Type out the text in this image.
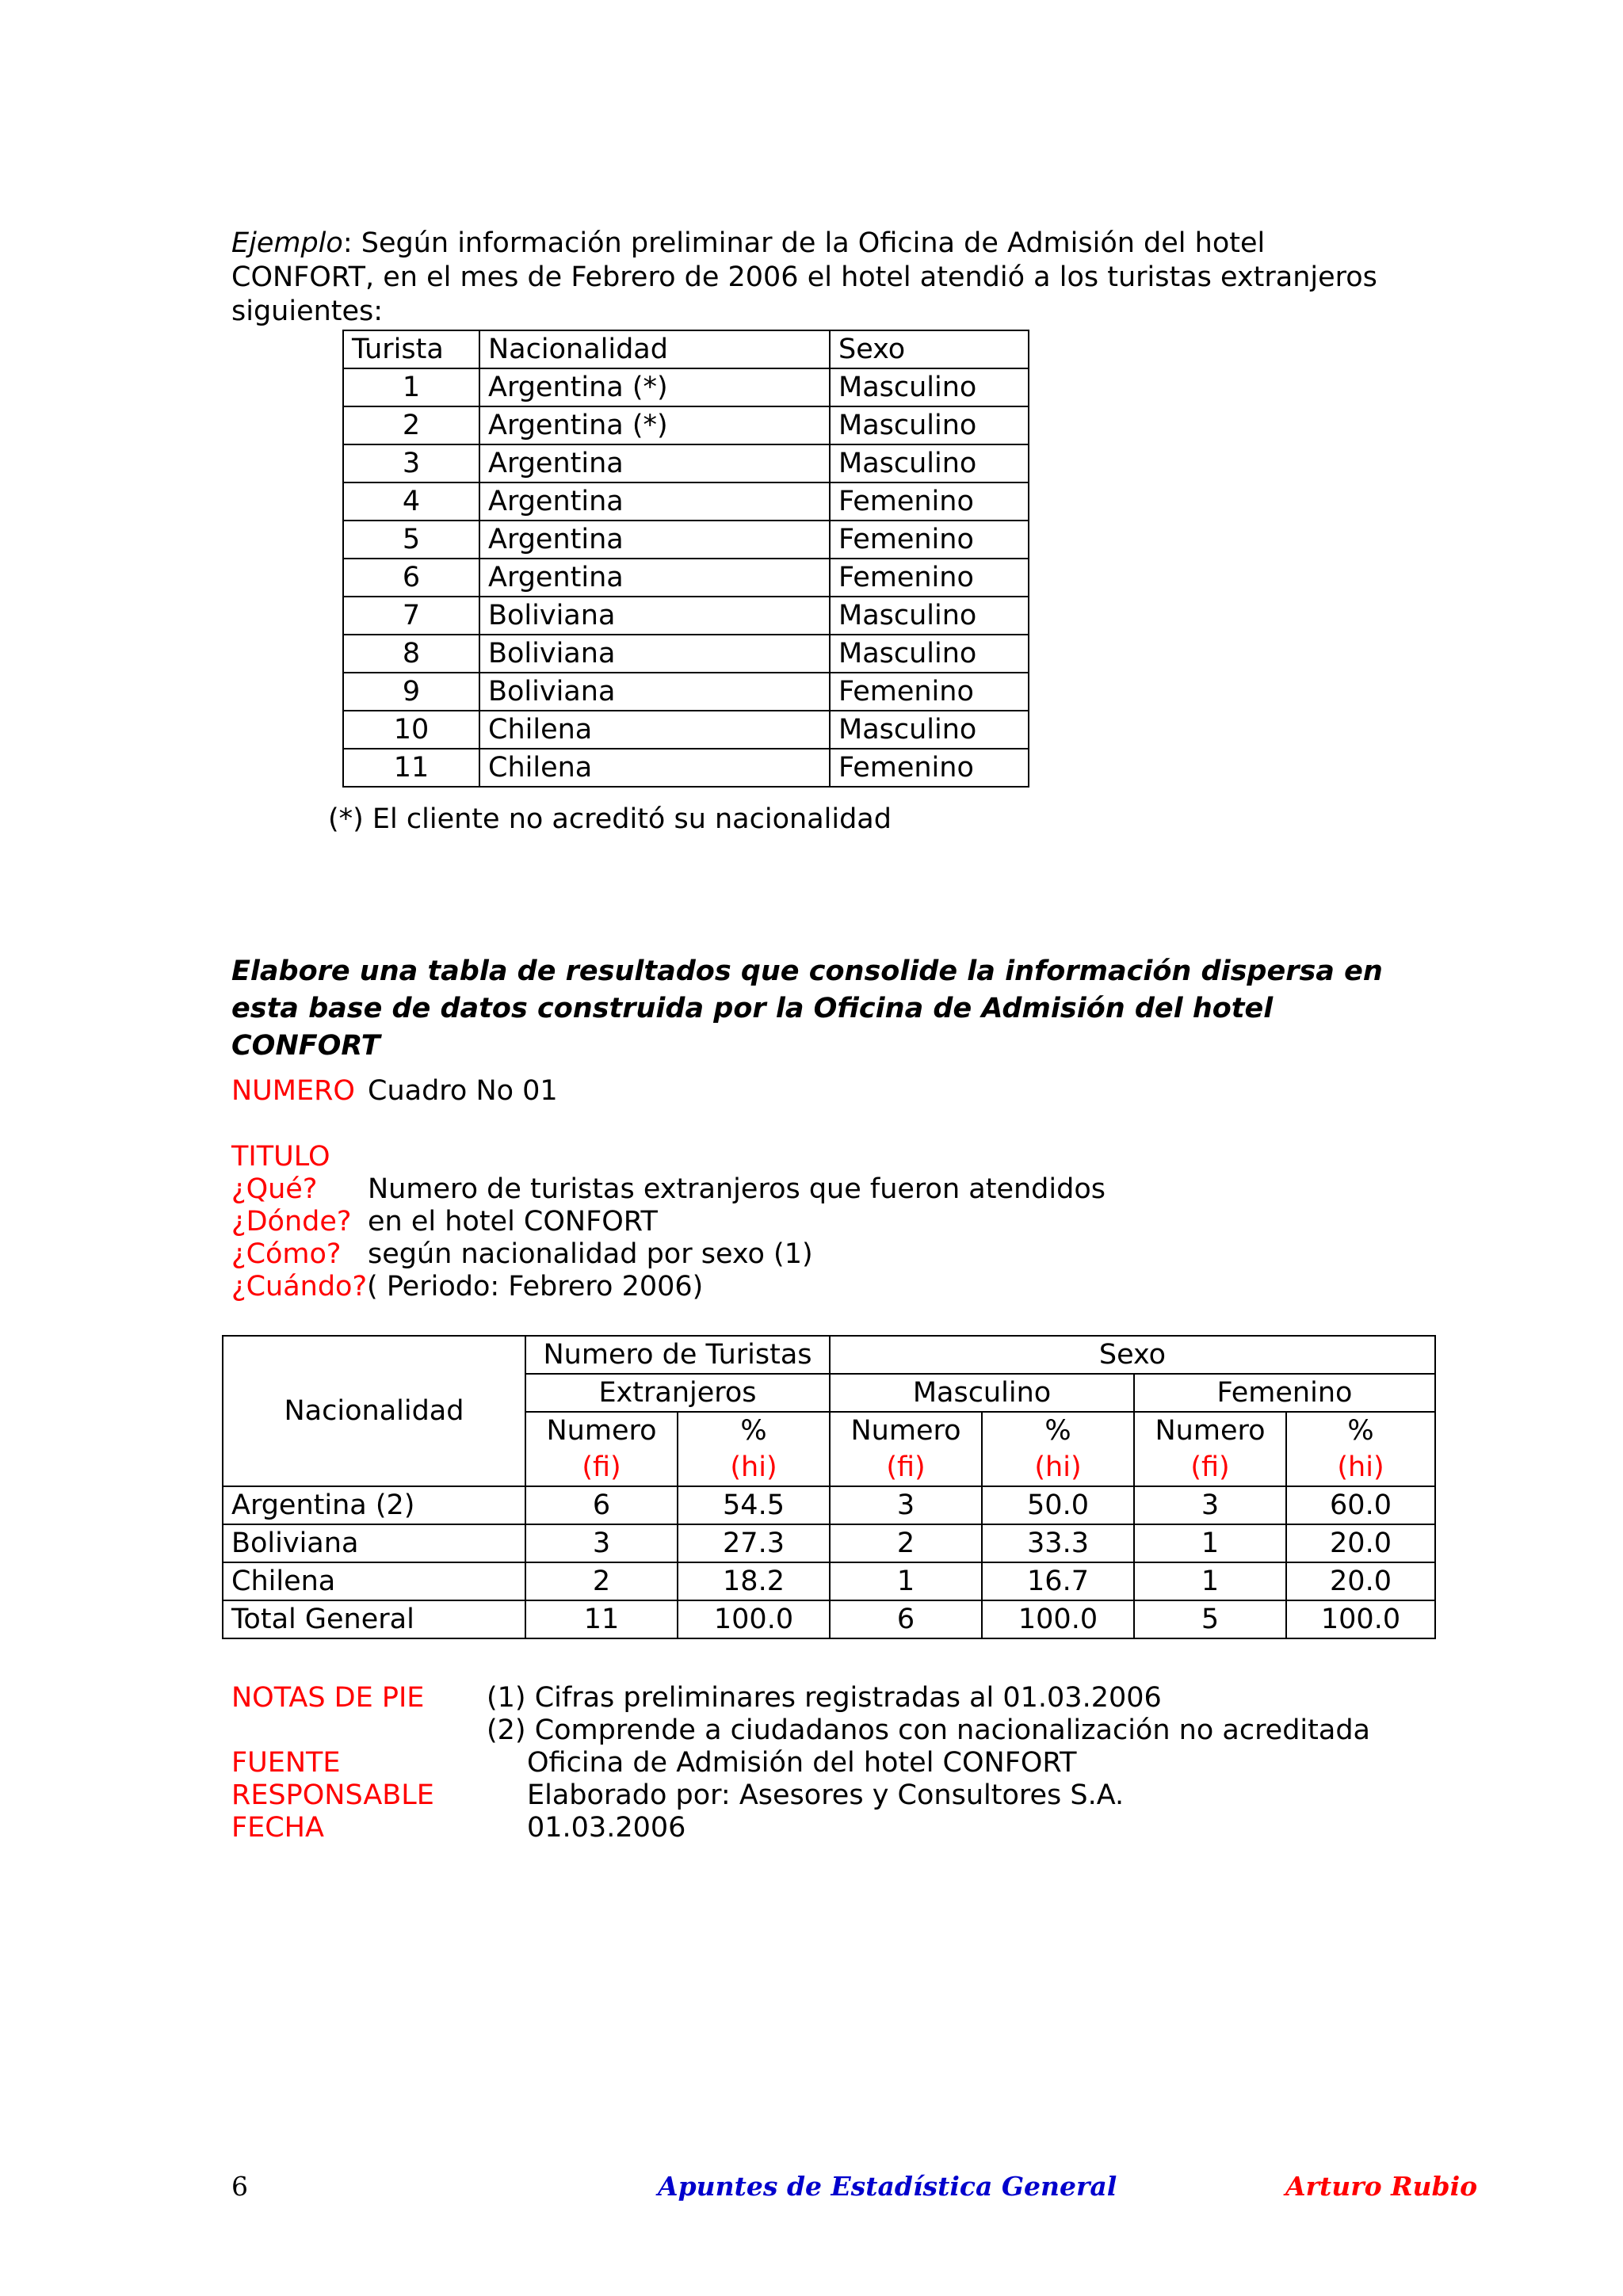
Ejemplo: Según información preliminar de la Oficina de Admisión del hotel CONFORT, en el mes de Febrero de 2006 el hotel atendió a los turistas extranjeros siguientes:
Turista	Nacionalidad	Sexo
1	Argentina (*)	Masculino
2	Argentina (*)	Masculino
3	Argentina	Masculino
4	Argentina	Femenino
5	Argentina	Femenino
6	Argentina	Femenino
7	Boliviana	Masculino
8	Boliviana	Masculino
9	Boliviana	Femenino
10	Chilena	Masculino
11	Chilena	Femenino
(*) El cliente no acreditó su nacionalidad
Elabore una tabla de resultados que consolide la información dispersa en esta base de datos construida por la Oficina de Admisión del hotel CONFORT
NUMERO Cuadro No 01
TITULO
¿Qué? Numero de turistas extranjeros que fueron atendidos
¿Dónde? en el hotel CONFORT
¿Cómo? según nacionalidad por sexo (1)
¿Cuándo?( Periodo: Febrero 2006)
Nacionalidad	Numero de Turistas		Sexo			
	Extranjeros		Masculino		Femenino	
	Numero	%	Numero	%	Numero	%
	(fi)	(hi)	(fi)	(hi)	(fi)	(hi)
Argentina (2)	6	54.5	3	50.0	3	60.0
Boliviana	3	27.3	2	33.3	1	20.0
Chilena	2	18.2	1	16.7	1	20.0
Total General	11	100.0	6	100.0	5	100.0
NOTAS DE PIE (1) Cifras preliminares registradas al 01.03.2006
(2) Comprende a ciudadanos con nacionalización no acreditada
FUENTE	Oficina de Admisión del hotel CONFORT
RESPONSABLE	Elaborado por: Asesores y Consultores S.A.
FECHA	01.03.2006
6	Apuntes de Estadística General	Arturo Rubio
